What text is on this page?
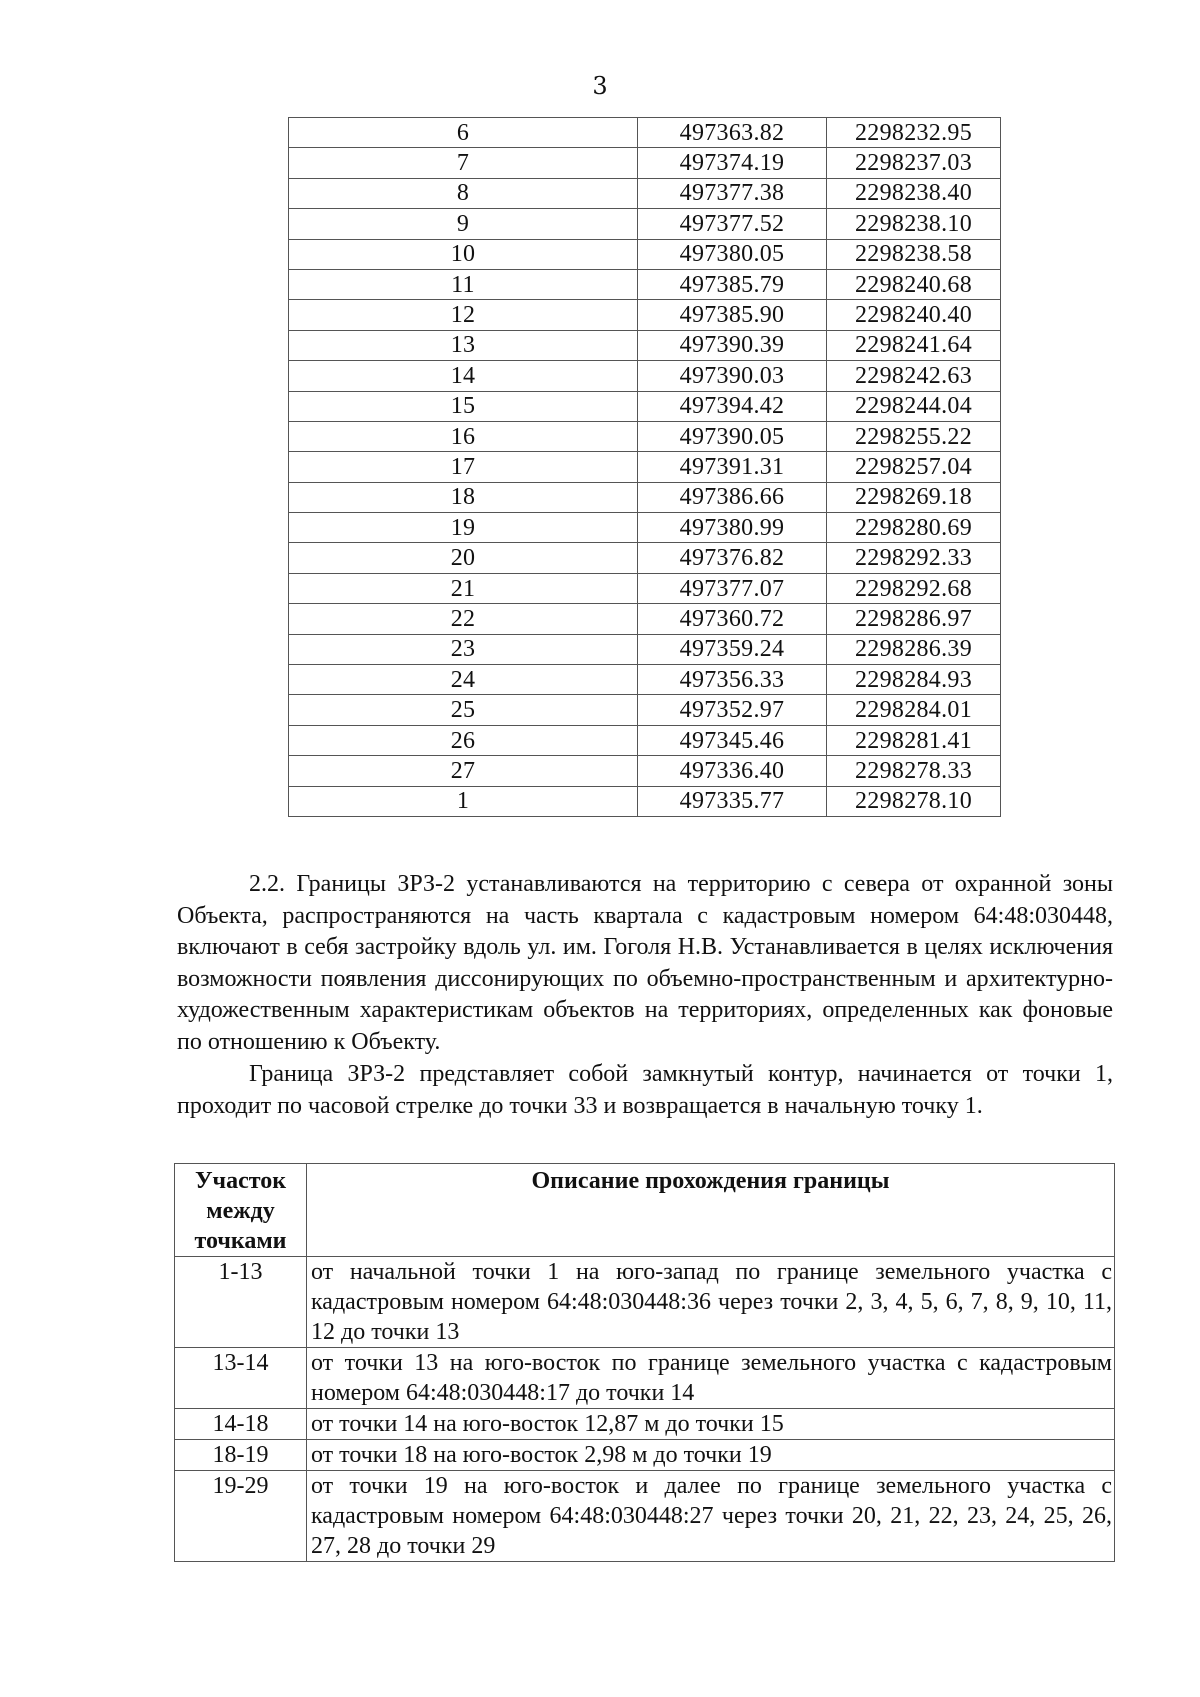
3
6	497363.82	2298232.95
7	497374.19	2298237.03
8	497377.38	2298238.40
9	497377.52	2298238.10
10	497380.05	2298238.58
11	497385.79	2298240.68
12	497385.90	2298240.40
13	497390.39	2298241.64
14	497390.03	2298242.63
15	497394.42	2298244.04
16	497390.05	2298255.22
17	497391.31	2298257.04
18	497386.66	2298269.18
19	497380.99	2298280.69
20	497376.82	2298292.33
21	497377.07	2298292.68
22	497360.72	2298286.97
23	497359.24	2298286.39
24	497356.33	2298284.93
25	497352.97	2298284.01
26	497345.46	2298281.41
27	497336.40	2298278.33
1	497335.77	2298278.10

2.2. Границы ЗРЗ-2 устанавливаются на территорию с севера от охранной зоны Объекта, распространяются на часть квартала с кадастровым номером 64:48:030448, включают в себя застройку вдоль ул. им. Гоголя Н.В. Устанавливается в целях исключения возможности появления диссонирующих по объемно-пространственным и архитектурно-художественным характеристикам объектов на территориях, определенных как фоновые по отношению к Объекту.

Граница ЗРЗ-2 представляет собой замкнутый контур, начинается от точки 1, проходит по часовой стрелке до точки 33 и возвращается в начальную точку 1.

Участок между точками	Описание прохождения границы
1-13	от начальной точки 1 на юго-запад по границе земельного участка с кадастровым номером 64:48:030448:36 через точки 2, 3, 4, 5, 6, 7, 8, 9, 10, 11, 12 до точки 13
13-14	от точки 13 на юго-восток по границе земельного участка с кадастровым номером 64:48:030448:17 до точки 14
14-18	от точки 14 на юго-восток 12,87 м до точки 15
18-19	от точки 18 на юго-восток 2,98 м до точки 19
19-29	от точки 19 на юго-восток и далее по границе земельного участка с кадастровым номером 64:48:030448:27 через точки 20, 21, 22, 23, 24, 25, 26, 27, 28 до точки 29
